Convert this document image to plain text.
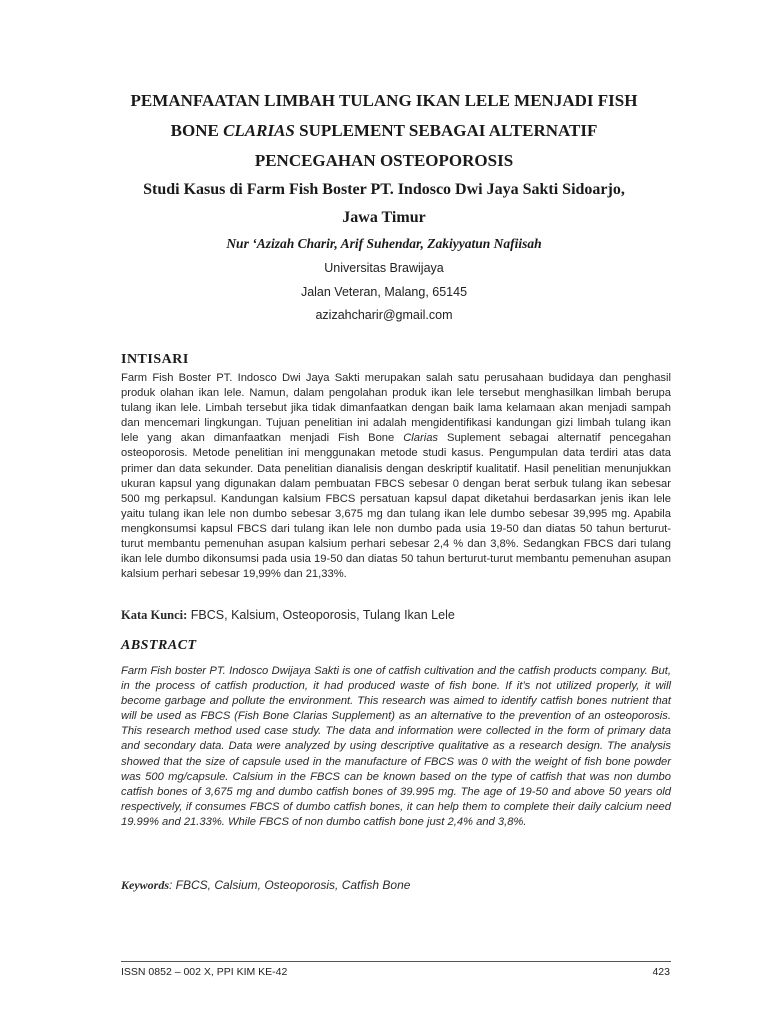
PEMANFAATAN LIMBAH TULANG IKAN LELE MENJADI FISH
BONE CLARIAS SUPLEMENT SEBAGAI ALTERNATIF
PENCEGAHAN OSTEOPOROSIS
Studi Kasus di Farm Fish Boster PT. Indosco Dwi Jaya Sakti Sidoarjo,
Jawa Timur
Nur ‘Azizah Charir, Arif Suhendar, Zakiyyatun Nafiisah
Universitas Brawijaya
Jalan Veteran, Malang, 65145
azizahcharir@gmail.com
INTISARI
Farm Fish Boster PT. Indosco Dwi Jaya Sakti merupakan salah satu perusahaan budidaya dan penghasil produk olahan ikan lele. Namun, dalam pengolahan produk ikan lele tersebut menghasilkan limbah berupa tulang ikan lele. Limbah tersebut jika tidak dimanfaatkan dengan baik lama kelamaan akan menjadi sampah dan mencemari lingkungan. Tujuan penelitian ini adalah mengidentifikasi kandungan gizi limbah tulang ikan lele yang akan dimanfaatkan menjadi Fish Bone Clarias Suplement sebagai alternatif pencegahan osteoporosis. Metode penelitian ini menggunakan metode studi kasus. Pengumpulan data terdiri atas data primer dan data sekunder. Data penelitian dianalisis dengan deskriptif kualitatif. Hasil penelitian menunjukkan ukuran kapsul yang digunakan dalam pembuatan FBCS sebesar 0 dengan berat serbuk tulang ikan sebesar 500 mg perkapsul. Kandungan kalsium FBCS persatuan kapsul dapat diketahui berdasarkan jenis ikan lele yaitu tulang ikan lele non dumbo sebesar 3,675 mg dan tulang ikan lele dumbo sebesar 39,995 mg. Apabila mengkonsumsi kapsul FBCS dari tulang ikan lele non dumbo pada usia 19-50 dan diatas 50 tahun berturut-turut membantu pemenuhan asupan kalsium perhari sebesar 2,4 % dan 3,8%. Sedangkan FBCS dari tulang ikan lele dumbo dikonsumsi pada usia 19-50 dan diatas 50 tahun berturut-turut membantu pemenuhan asupan kalsium perhari sebesar 19,99% dan 21,33%.
Kata Kunci: FBCS, Kalsium, Osteoporosis, Tulang Ikan Lele
ABSTRACT
Farm Fish boster PT. Indosco Dwijaya Sakti is one of catfish cultivation and the catfish products company. But, in the process of catfish production, it had produced waste of fish bone. If it’s not utilized properly, it will become garbage and pollute the environment. This research was aimed to identify catfish bones nutrient that will be used as FBCS (Fish Bone Clarias Supplement) as an alternative to the prevention of an osteoporosis. This research method used case study. The data and information were collected in the form of primary data and secondary data. Data were analyzed by using descriptive qualitative as a research design. The analysis showed that the size of capsule used in the manufacture of FBCS was 0 with the weight of fish bone powder was 500 mg/capsule. Calsium in the FBCS can be known based on the type of catfish that was non dumbo catfish bones of 3,675 mg and dumbo catfish bones of 39.995 mg. The age of 19-50 and above 50 years old respectively, if consumes FBCS of dumbo catfish bones, it can help them to complete their daily calcium need 19.99% and 21.33%. While FBCS of non dumbo catfish bone just 2,4% and 3,8%.
Keywords: FBCS, Calsium, Osteoporosis, Catfish Bone
ISSN 0852 – 002 X, PPI KIM KE-42	423
